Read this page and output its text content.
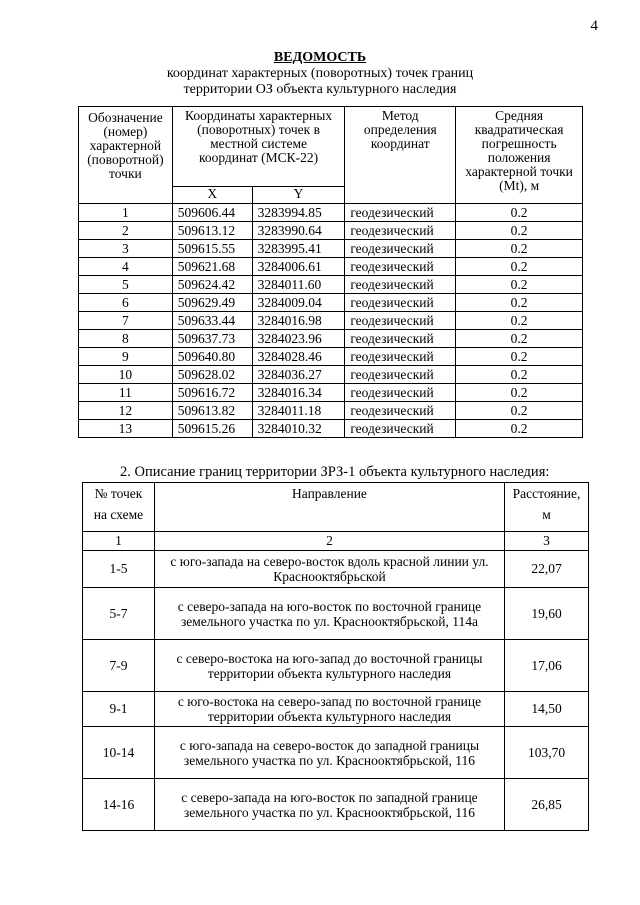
4
ВЕДОМОСТЬ
координат характерных (поворотных) точек границ
территории ОЗ объекта культурного наследия
Обозначение (номер) характерной (поворотной) точки	Координаты характерных (поворотных) точек в местной системе координат (МСК-22)		Метод определения координат	Средняя квадратическая погрешность положения характерной точки (Mt), м
	X	Y		
1	509606.44	3283994.85	геодезический	0.2
2	509613.12	3283990.64	геодезический	0.2
3	509615.55	3283995.41	геодезический	0.2
4	509621.68	3284006.61	геодезический	0.2
5	509624.42	3284011.60	геодезический	0.2
6	509629.49	3284009.04	геодезический	0.2
7	509633.44	3284016.98	геодезический	0.2
8	509637.73	3284023.96	геодезический	0.2
9	509640.80	3284028.46	геодезический	0.2
10	509628.02	3284036.27	геодезический	0.2
11	509616.72	3284016.34	геодезический	0.2
12	509613.82	3284011.18	геодезический	0.2
13	509615.26	3284010.32	геодезический	0.2
2. Описание границ территории ЗРЗ-1 объекта культурного наследия:
№ точек на схеме	Направление	Расстояние, м
1	2	3
1-5	с юго-запада на северо-восток вдоль красной линии ул. Краснооктябрьской	22,07
5-7	с северо-запада на юго-восток по восточной границе земельного участка по ул. Краснооктябрьской, 114а	19,60
7-9	с северо-востока на юго-запад до восточной границы территории объекта культурного наследия	17,06
9-1	с юго-востока на северо-запад по восточной границе территории объекта культурного наследия	14,50
10-14	с юго-запада на северо-восток до западной границы земельного участка по ул. Краснооктябрьской, 116	103,70
14-16	с северо-запада на юго-восток по западной границе земельного участка по ул. Краснооктябрьской, 116	26,85
